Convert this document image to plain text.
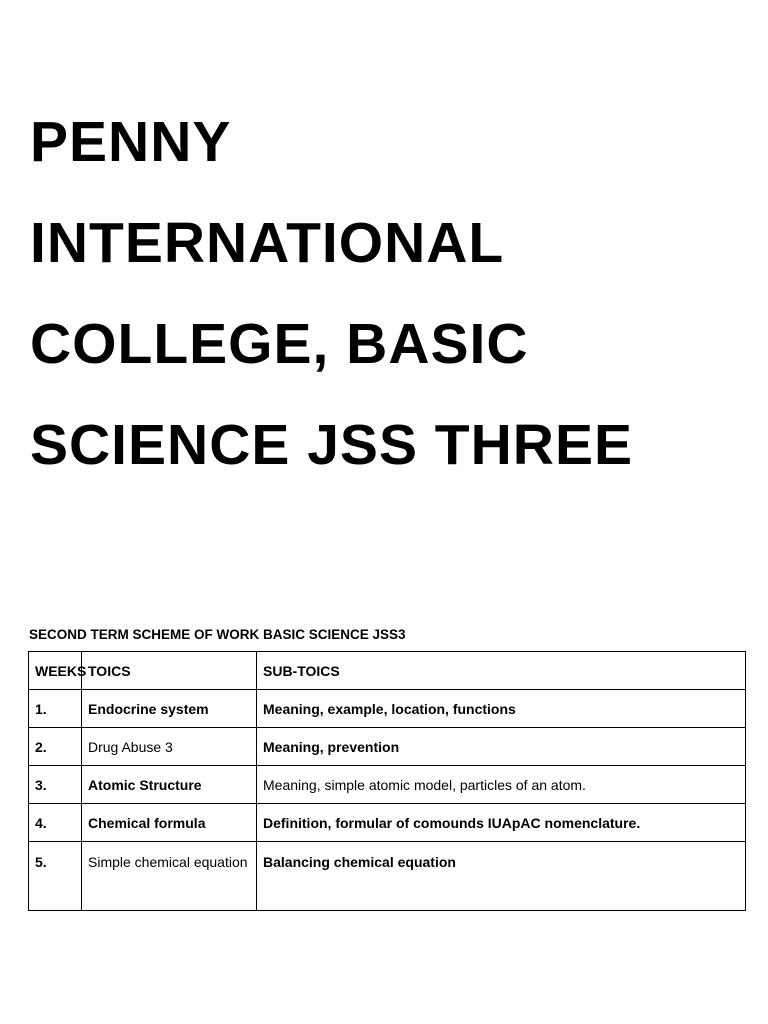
PENNY
INTERNATIONAL
COLLEGE, BASIC
SCIENCE JSS THREE
SECOND TERM SCHEME OF WORK BASIC SCIENCE JSS3
WEEKS	TOICS	SUB-TOICS
1.	Endocrine system	Meaning, example, location, functions
2.	Drug Abuse 3	Meaning, prevention
3.	Atomic Structure	Meaning, simple atomic model, particles of an atom.
4.	Chemical formula	Definition, formular of comounds IUApAC nomenclature.
5.	Simple chemical equation	Balancing chemical equation
